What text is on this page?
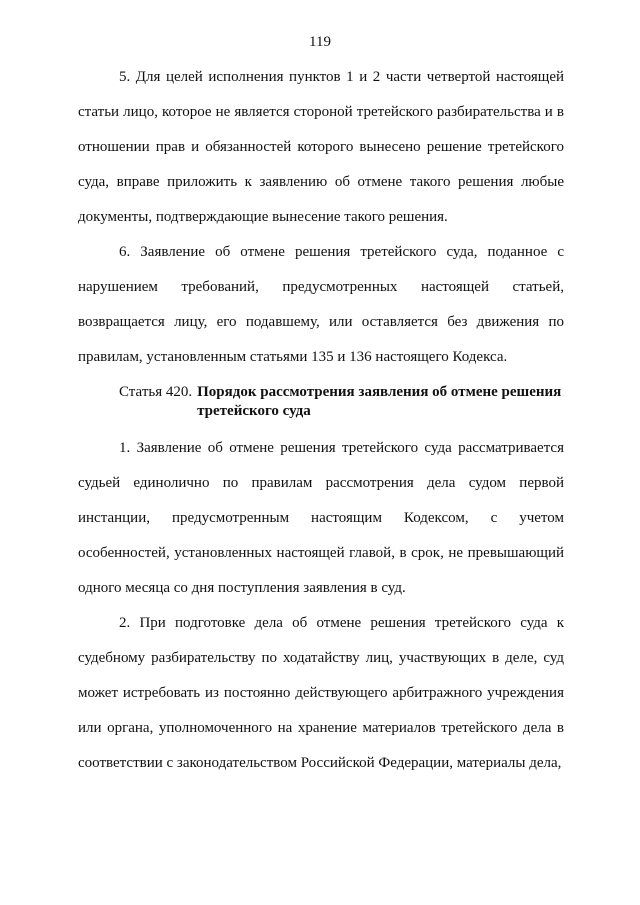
119

5. Для целей исполнения пунктов 1 и 2 части четвертой настоящей статьи лицо, которое не является стороной третейского разбирательства и в отношении прав и обязанностей которого вынесено решение третейского суда, вправе приложить к заявлению об отмене такого решения любые документы, подтверждающие вынесение такого решения.

6. Заявление об отмене решения третейского суда, поданное с нарушением требований, предусмотренных настоящей статьей, возвращается лицу, его подавшему, или оставляется без движения по правилам, установленным статьями 135 и 136 настоящего Кодекса.

Статья 420. Порядок рассмотрения заявления об отмене решения третейского суда

1. Заявление об отмене решения третейского суда рассматривается судьей единолично по правилам рассмотрения дела судом первой инстанции, предусмотренным настоящим Кодексом, с учетом особенностей, установленных настоящей главой, в срок, не превышающий одного месяца со дня поступления заявления в суд.

2. При подготовке дела об отмене решения третейского суда к судебному разбирательству по ходатайству лиц, участвующих в деле, суд может истребовать из постоянно действующего арбитражного учреждения или органа, уполномоченного на хранение материалов третейского дела в соответствии с законодательством Российской Федерации, материалы дела,
